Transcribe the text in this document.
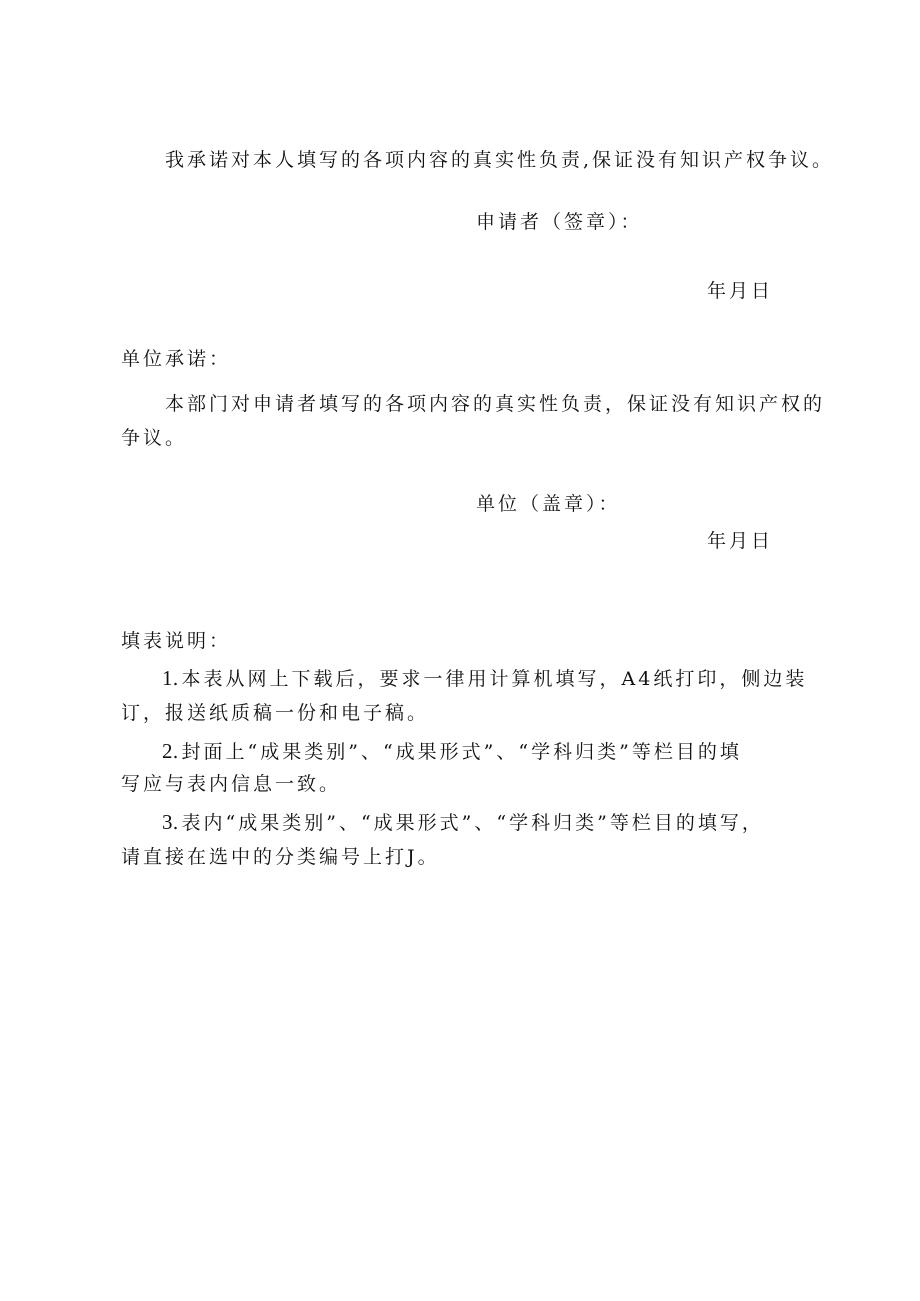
我承诺对本人填写的各项内容的真实性负责,保证没有知识产权争议。
申请者（签章）：
年月日
单位承诺：
本部门对申请者填写的各项内容的真实性负责，保证没有知识产权的
争议。
单位（盖章）：
年月日
填表说明：
1.本表从网上下载后，要求一律用计算机填写，A4纸打印，侧边装
订，报送纸质稿一份和电子稿。
2.封面上“成果类别”、“成果形式”、“学科归类”等栏目的填
写应与表内信息一致。
3.表内“成果类别”、“成果形式”、“学科归类”等栏目的填写，
请直接在选中的分类编号上打J。
